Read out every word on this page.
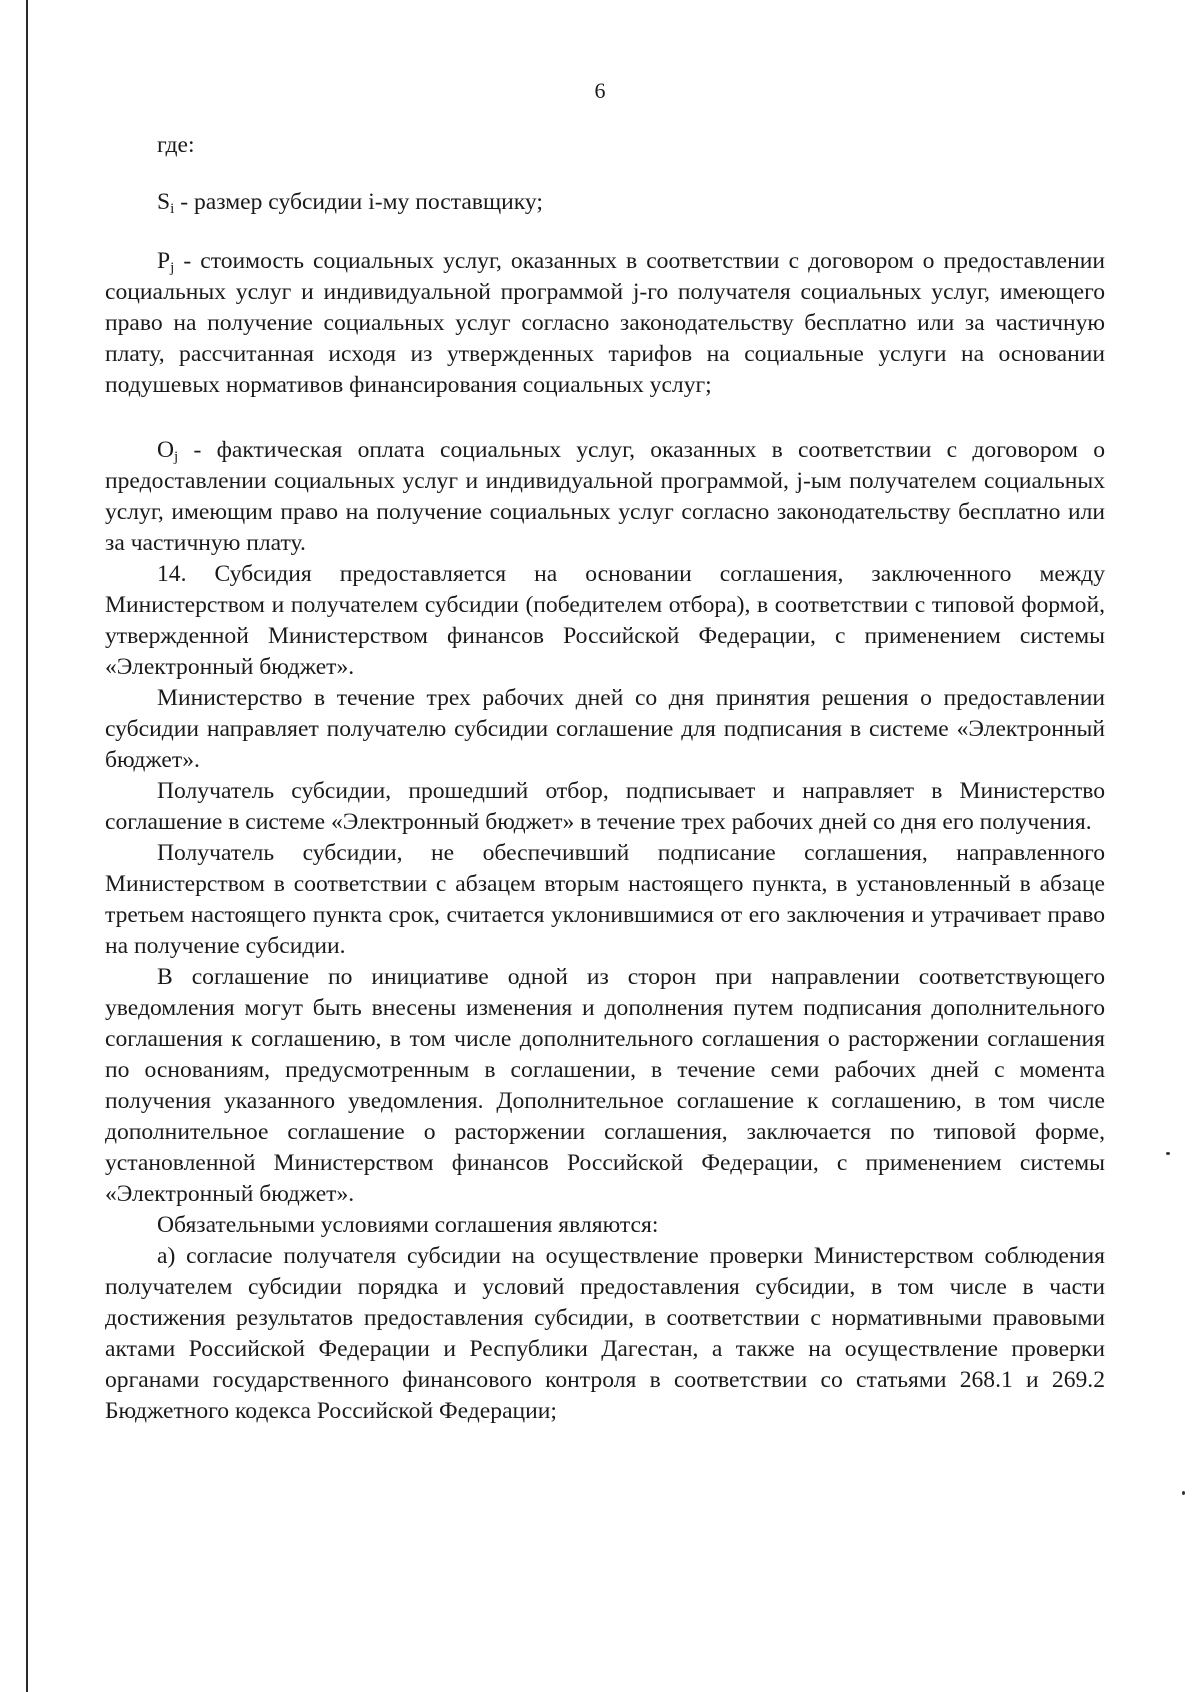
6

где:

$S_i$ - размер субсидии i-му поставщику;

$P_j$ - стоимость социальных услуг, оказанных в соответствии с договором о предоставлении социальных услуг и индивидуальной программой j-го получателя социальных услуг, имеющего право на получение социальных услуг согласно законодательству бесплатно или за частичную плату, рассчитанная исходя из утвержденных тарифов на социальные услуги на основании подушевых нормативов финансирования социальных услуг;

$O_j$ - фактическая оплата социальных услуг, оказанных в соответствии с договором о предоставлении социальных услуг и индивидуальной программой, j-ым получателем социальных услуг, имеющим право на получение социальных услуг согласно законодательству бесплатно или за частичную плату.

14. Субсидия предоставляется на основании соглашения, заключенного между Министерством и получателем субсидии (победителем отбора), в соответствии с типовой формой, утвержденной Министерством финансов Российской Федерации, с применением системы «Электронный бюджет».

Министерство в течение трех рабочих дней со дня принятия решения о предоставлении субсидии направляет получателю субсидии соглашение для подписания в системе «Электронный бюджет».

Получатель субсидии, прошедший отбор, подписывает и направляет в Министерство соглашение в системе «Электронный бюджет» в течение трех рабочих дней со дня его получения.

Получатель субсидии, не обеспечивший подписание соглашения, направленного Министерством в соответствии с абзацем вторым настоящего пункта, в установленный в абзаце третьем настоящего пункта срок, считается уклонившимися от его заключения и утрачивает право на получение субсидии.

В соглашение по инициативе одной из сторон при направлении соответствующего уведомления могут быть внесены изменения и дополнения путем подписания дополнительного соглашения к соглашению, в том числе дополнительного соглашения о расторжении соглашения по основаниям, предусмотренным в соглашении, в течение семи рабочих дней с момента получения указанного уведомления. Дополнительное соглашение к соглашению, в том числе дополнительное соглашение о расторжении соглашения, заключается по типовой форме, установленной Министерством финансов Российской Федерации, с применением системы «Электронный бюджет».

Обязательными условиями соглашения являются:

а) согласие получателя субсидии на осуществление проверки Министерством соблюдения получателем субсидии порядка и условий предоставления субсидии, в том числе в части достижения результатов предоставления субсидии, в соответствии с нормативными правовыми актами Российской Федерации и Республики Дагестан, а также на осуществление проверки органами государственного финансового контроля в соответствии со статьями 268.1 и 269.2 Бюджетного кодекса Российской Федерации;
